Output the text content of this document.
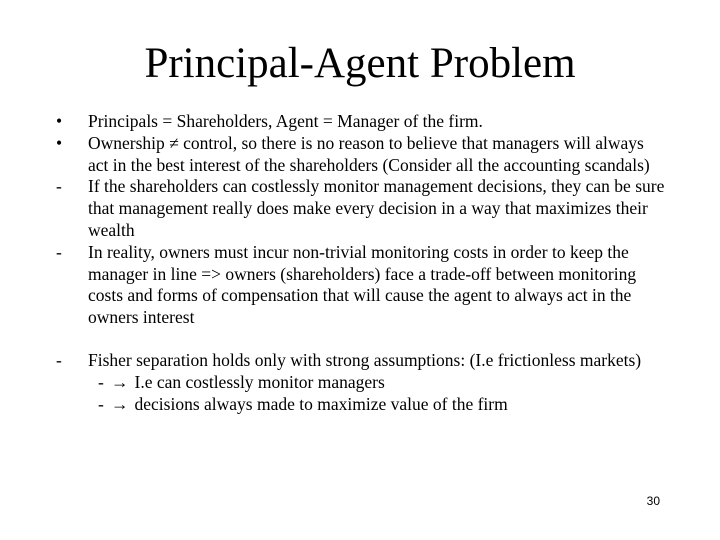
Principal-Agent Problem
•	Principals = Shareholders, Agent = Manager of the firm.
•	Ownership ≠ control, so there is no reason to believe that managers will always act in the best interest of the shareholders (Consider all the accounting scandals)
-	If the shareholders can costlessly monitor management decisions, they can be sure that management really does make every decision in a way that maximizes their wealth
-	In reality, owners must incur non-trivial monitoring costs in order to keep the manager in line => owners (shareholders) face a trade-off between monitoring costs and forms of compensation that will cause the agent to always act in the owners interest
-	Fisher separation holds only with strong assumptions: (I.e frictionless markets)
- → I.e can costlessly monitor managers
- → decisions always made to maximize value of the firm
30
